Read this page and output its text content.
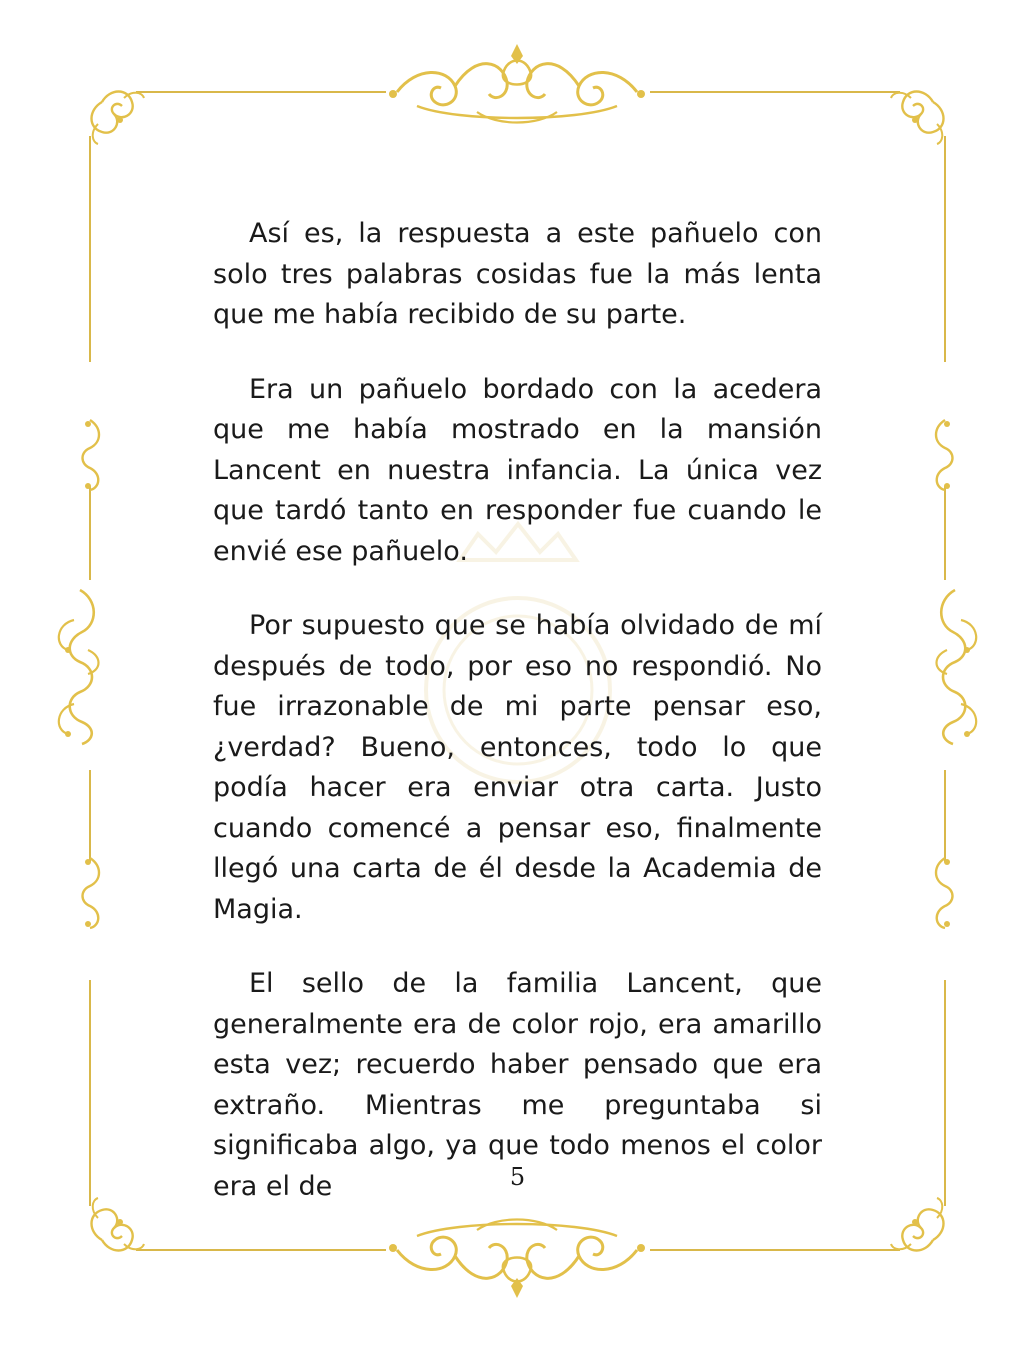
Así es, la respuesta a este pañuelo con solo tres palabras cosidas fue la más lenta que me había recibido de su parte.

Era un pañuelo bordado con la acedera que me había mostrado en la mansión Lancent en nuestra infancia. La única vez que tardó tanto en responder fue cuando le envié ese pañuelo.

Por supuesto que se había olvidado de mí después de todo, por eso no respondió. No fue irrazonable de mi parte pensar eso, ¿verdad? Bueno, entonces, todo lo que podía hacer era enviar otra carta. Justo cuando comencé a pensar eso, finalmente llegó una carta de él desde la Academia de Magia.

El sello de la familia Lancent, que generalmente era de color rojo, era amarillo esta vez; recuerdo haber pensado que era extraño. Mientras me preguntaba si significaba algo, ya que todo menos el color era el de	5
